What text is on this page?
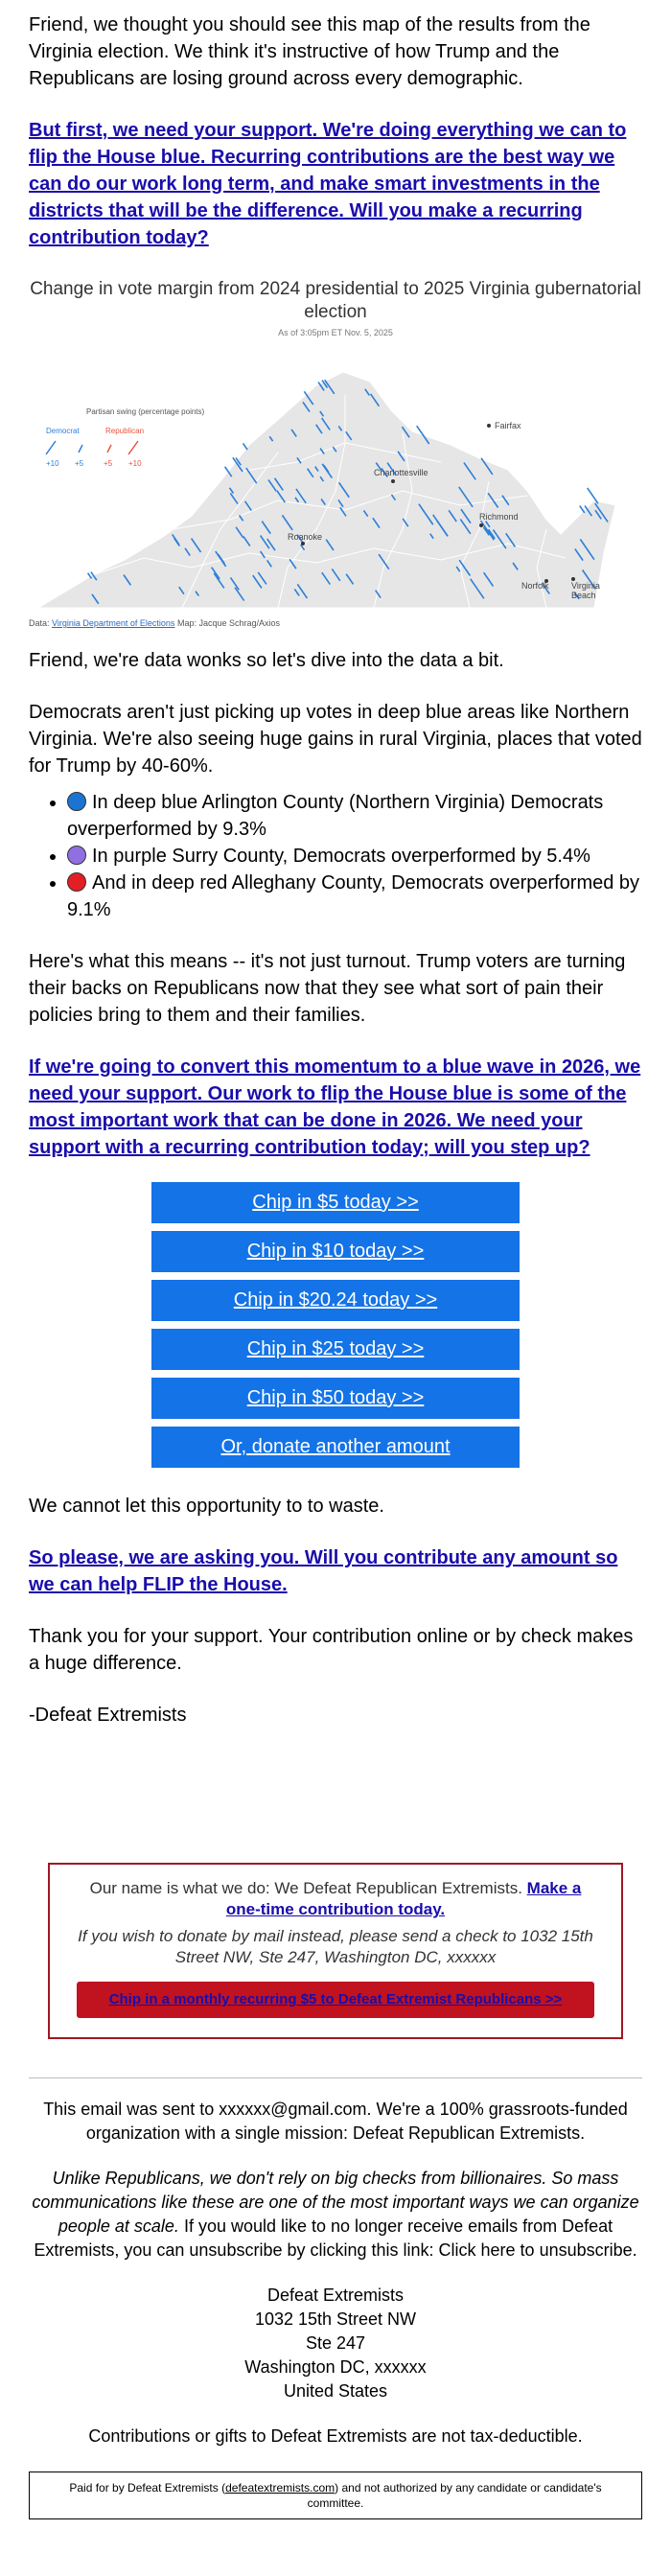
Friend, we thought you should see this map of the results from the Virginia election. We think it's instructive of how Trump and the Republicans are losing ground across every demographic.

But first, we need your support. We're doing everything we can to flip the House blue. Recurring contributions are the best way we can do our work long term, and make smart investments in the districts that will be the difference. Will you make a recurring contribution today?
Change in vote margin from 2024 presidential to 2025 Virginia gubernatorial election
As of 3:05pm ET Nov. 5, 2025
Partisan swing (percentage points)
Democrat	Republican
+10 +5	+5 +10
Fairfax
Charlottesville
Richmond
Roanoke
Norfolk	Virginia Beach
Data: Virginia Department of Elections Map: Jacque Schrag/Axios

Friend, we're data wonks so let's dive into the data a bit.

Democrats aren't just picking up votes in deep blue areas like Northern Virginia. We're also seeing huge gains in rural Virginia, places that voted for Trump by 40-60%.

• In deep blue Arlington County (Northern Virginia) Democrats overperformed by 9.3%
• In purple Surry County, Democrats overperformed by 5.4%
• And in deep red Alleghany County, Democrats overperformed by 9.1%

Here's what this means -- it's not just turnout. Trump voters are turning their backs on Republicans now that they see what sort of pain their policies bring to them and their families.

If we're going to convert this momentum to a blue wave in 2026, we need your support. Our work to flip the House blue is some of the most important work that can be done in 2026. We need your support with a recurring contribution today; will you step up?
Chip in $5 today >>
Chip in $10 today >>
Chip in $20.24 today >>
Chip in $25 today >>
Chip in $50 today >>
Or, donate another amount

We cannot let this opportunity to to waste.

So please, we are asking you. Will you contribute any amount so we can help FLIP the House.

Thank you for your support. Your contribution online or by check makes a huge difference.

-Defeat Extremists

Our name is what we do: We Defeat Republican Extremists. Make a one-time contribution today.

If you wish to donate by mail instead, please send a check to 1032 15th Street NW, Ste 247, Washington DC, xxxxxx

Chip in a monthly recurring $5 to Defeat Extremist Republicans >>

This email was sent to xxxxxx@gmail.com. We're a 100% grassroots-funded organization with a single mission: Defeat Republican Extremists.

Unlike Republicans, we don't rely on big checks from billionaires. So mass communications like these are one of the most important ways we can organize people at scale. If you would like to no longer receive emails from Defeat Extremists, you can unsubscribe by clicking this link: Click here to unsubscribe.

Defeat Extremists

1032 15th Street NW

Ste 247

Washington DC, xxxxxx

United States

Contributions or gifts to Defeat Extremists are not tax-deductible.

Paid for by Defeat Extremists (defeatextremists.com) and not authorized by any candidate or candidate's committee.
